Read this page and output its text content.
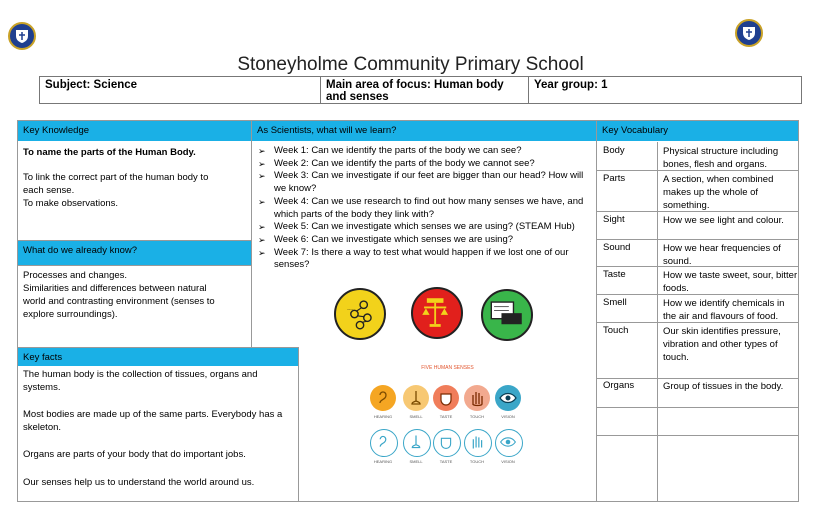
Stoneyholme Community Primary School
Subject: Science	Main area of focus: Human body
and senses
Year group: 1
Key Knowledge	As Scientists, what will we learn?	Key Vocabulary
To name the parts of the Human Body.
To link the correct part of the human body to
each sense.
To make observations.
What do we already know?
Processes and changes.
Similarities and differences between natural
world and contrasting environment (senses to
explore surroundings).
➢ Week 1: Can we identify the parts of the body we can see?
➢ Week 2: Can we identify the parts of the body we cannot see?
➢ Week 3: Can we investigate if our feet are bigger than our head? How will we know?
➢ Week 4: Can we use research to find out how many senses we have, and which parts of the body they link with?
➢ Week 5: Can we investigate which senses we are using? (STEAM Hub)
➢ Week 6: Can we investigate which senses we are using?
➢ Week 7: Is there a way to test what would happen if we lost one of our senses?
~~~~
Key facts
The human body is the collection of tissues, organs and systems.
Most bodies are made up of the same parts. Everybody has a skeleton.
Organs are parts of your body that do important jobs.
Our senses help us to understand the world around us.
FIVE HUMAN SENSES
HEARING	SMELL	TASTE	TOUCH	VISION
HEARING	SMELL	TASTE	TOUCH	VISION
Body	Physical structure including bones, flesh and organs.
Parts	A section, when combined makes up the whole of something.
Sight	How we see light and colour.
Sound	How we hear frequencies of sound.
Taste	How we taste sweet, sour, bitter foods.
Smell	How we identify chemicals in the air and flavours of food.
Touch	Our skin identifies pressure, vibration and other types of touch.
Organs	Group of tissues in the body.
